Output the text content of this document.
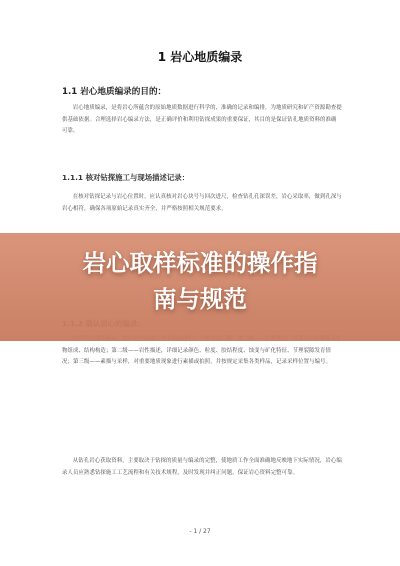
1 岩心地质编录
1.1 岩心地质编录的目的：

岩心地质编录，是将岩心所蕴含的原始地质数据进行科学的、准确的记录和编排，为地质研究和矿产资源勘查提供基础依据。合理选择岩心编录方法，是正确评价和利用钻探成果的重要保证，其目的是保证钻孔地质资料的准确可靠。

1.1.1 核对钻探施工与现场描述记录：

在核对钻探记录与岩心位置时，应认真核对岩心块号与回次进尺，检查钻孔孔深误差，岩心采取率，做到孔深与岩心相符，确保各项原始记录真实齐全，并严格按照相关规范要求。

物组成、结构构造；第二级——岩性描述，详细记录颜色、粒度、胶结程度、蚀变与矿化特征、节理裂隙发育情况；第三级——素描与采样，对重要地质现象进行素描或拍照，并按规定采集各类样品，记录采样位置与编号。

从钻孔岩心获取资料，主要取决于钻探的质量与编录的完整，使地质工作全面准确地反映地下实际情况，岩心编录人员应熟悉钻探施工工艺流程和有关技术规程，及时发现并纠正问题，保证岩心资料完整可靠。

岩心取样标准的操作指
南与规范
- 1 / 27
